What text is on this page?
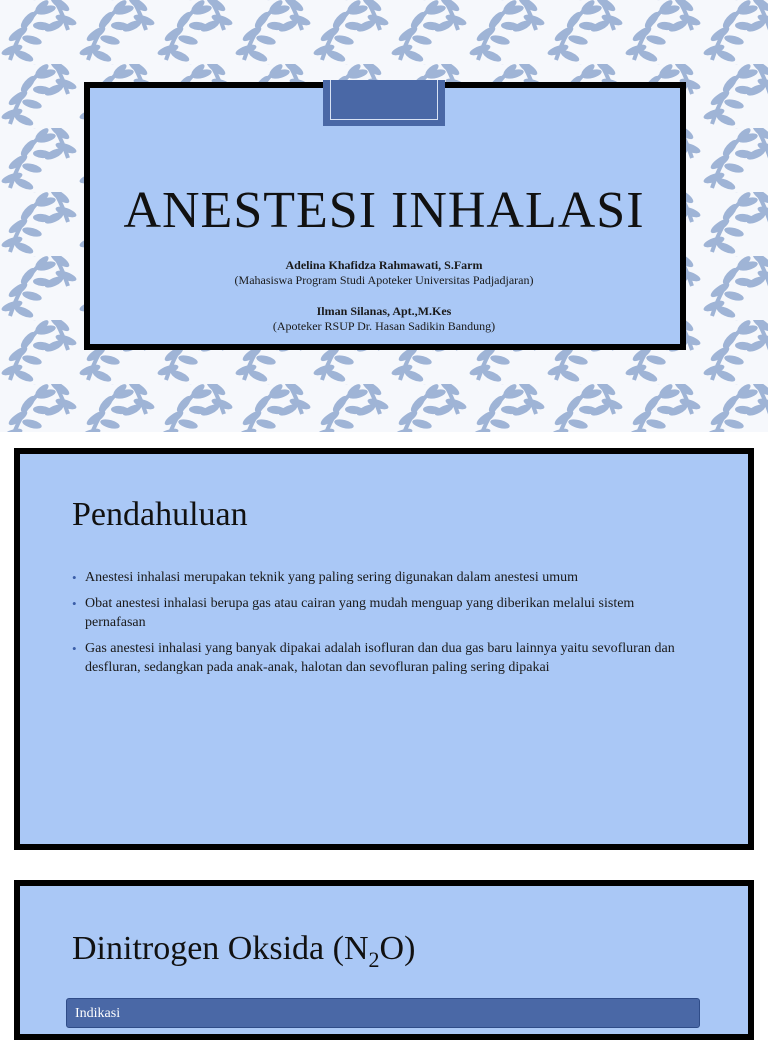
ANESTESI INHALASI
Adelina Khafidza Rahmawati, S.Farm
(Mahasiswa Program Studi Apoteker Universitas Padjadjaran)
Ilman Silanas, Apt.,M.Kes
(Apoteker RSUP Dr. Hasan Sadikin Bandung)
Pendahuluan
• Anestesi inhalasi merupakan teknik yang paling sering digunakan dalam anestesi umum
• Obat anestesi inhalasi berupa gas atau cairan yang mudah menguap yang diberikan melalui sistem pernafasan
• Gas anestesi inhalasi yang banyak dipakai adalah isofluran dan dua gas baru lainnya yaitu sevofluran dan desfluran, sedangkan pada anak-anak, halotan dan sevofluran paling sering dipakai
Dinitrogen Oksida $(N_2O)$
Indikasi
